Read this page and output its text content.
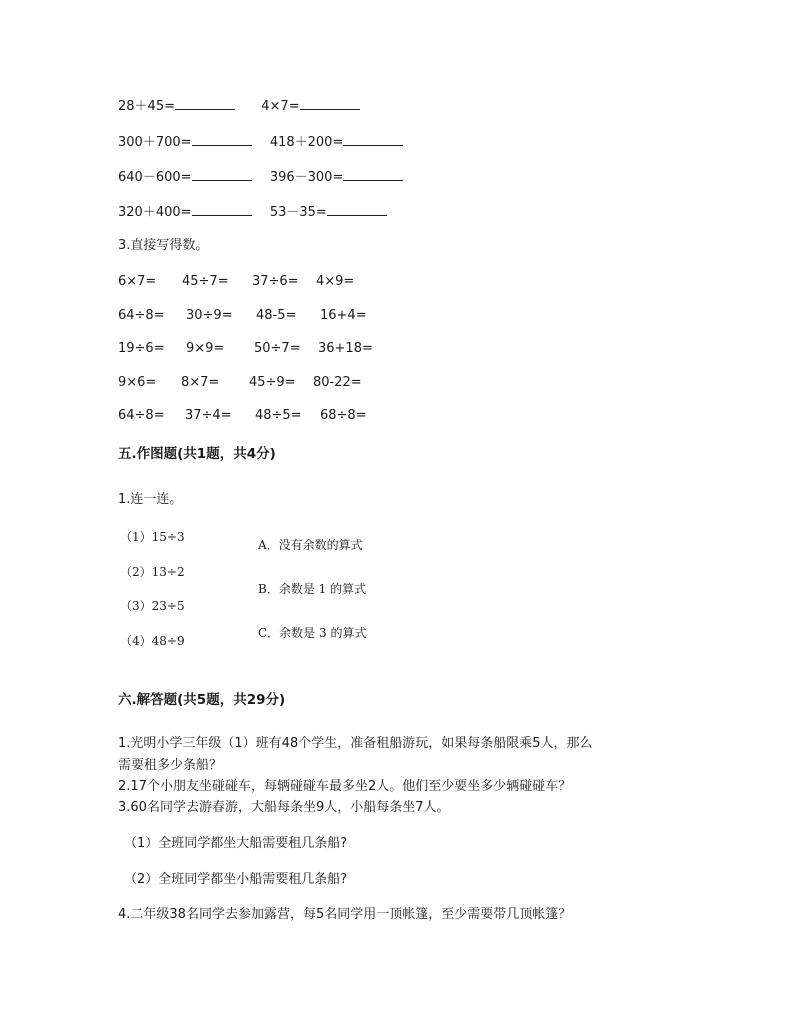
28＋45=	4×7=
300＋700=	418＋200=
640－600=	396－300=
320＋400=	53－35=
3.直接写得数。
6×7= 45÷7= 37÷6= 4×9=
64÷8= 30÷9= 48-5= 16+4=
19÷6= 9×9= 50÷7= 36+18=
9×6= 8×7= 45÷9= 80-22=
64÷8= 37÷4= 48÷5= 68÷8=
五.作图题(共1题，共4分)
1.连一连。
（1）15÷3
（2）13÷2
（3）23÷5
（4）48÷9
A．没有余数的算式
B．余数是 1 的算式
C．余数是 3 的算式
六.解答题(共5题，共29分)
1.光明小学三年级（1）班有48个学生，准备租船游玩，如果每条船限乘5人，那么
需要租多少条船？
2.17个小朋友坐碰碰车，每辆碰碰车最多坐2人。他们至少要坐多少辆碰碰车？
3.60名同学去游春游，大船每条坐9人，小船每条坐7人。
（1）全班同学都坐大船需要租几条船?
（2）全班同学都坐小船需要租几条船?
4.二年级38名同学去参加露营，每5名同学用一顶帐篷，至少需要带几顶帐篷？
